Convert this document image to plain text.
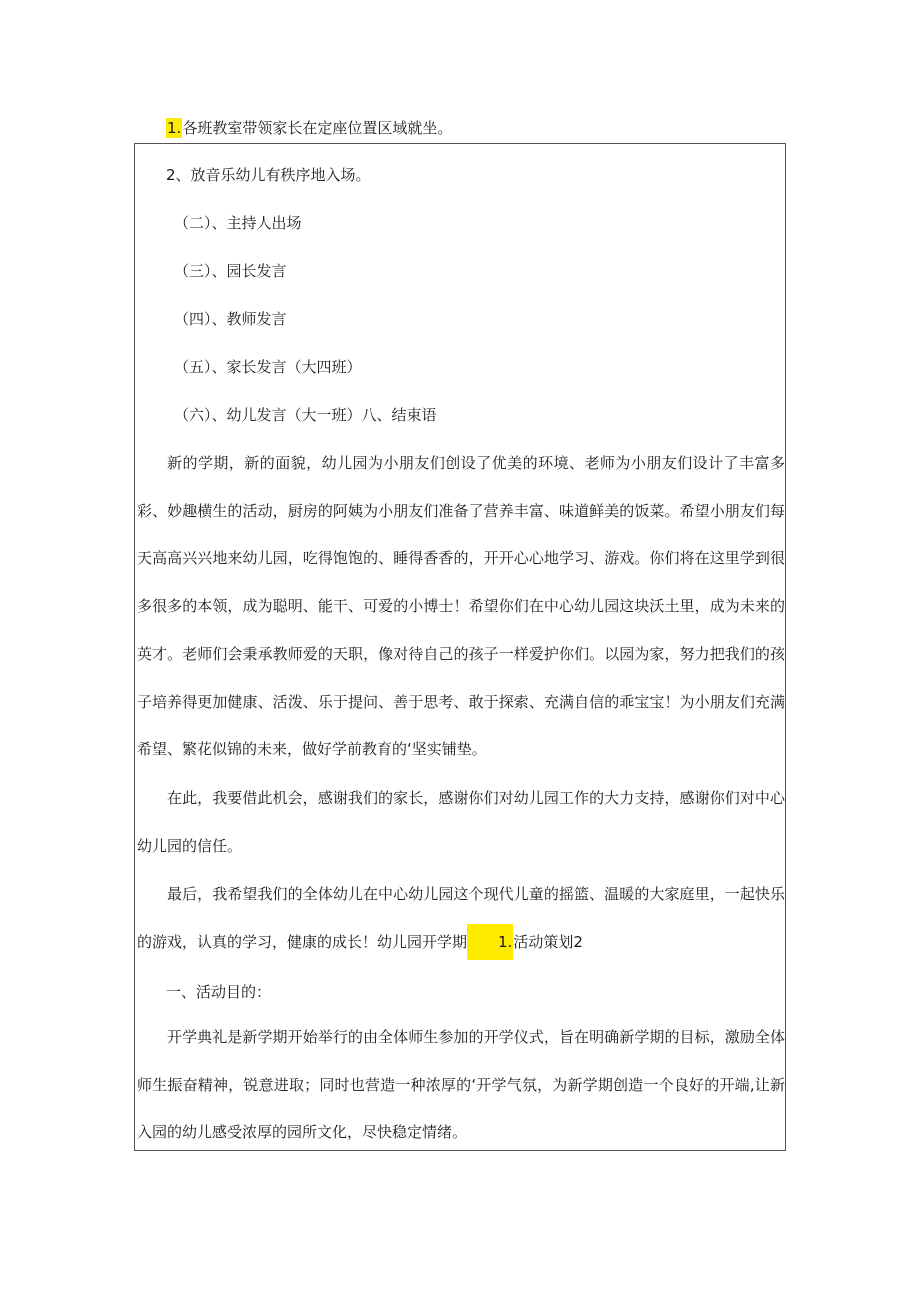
1.各班教室带领家长在定座位置区域就坐。
2、放音乐幼儿有秩序地入场。
（二）、主持人出场
（三）、园长发言
（四）、教师发言
（五）、家长发言（大四班）
（六）、幼儿发言（大一班）八、结束语
新的学期，新的面貌，幼儿园为小朋友们创设了优美的环境、老师为小朋友们设计了丰富多彩、妙趣横生的活动，厨房的阿姨为小朋友们准备了营养丰富、味道鲜美的饭菜。希望小朋友们每天高高兴兴地来幼儿园，吃得饱饱的、睡得香香的，开开心心地学习、游戏。你们将在这里学到很多很多的本领，成为聪明、能干、可爱的小博士！希望你们在中心幼儿园这块沃土里，成为未来的英才。老师们会秉承教师爱的天职，像对待自己的孩子一样爱护你们。以园为家，努力把我们的孩子培养得更加健康、活泼、乐于提问、善于思考、敢于探索、充满自信的乖宝宝！为小朋友们充满希望、繁花似锦的未来，做好学前教育的‘坚实铺垫。
在此，我要借此机会，感谢我们的家长，感谢你们对幼儿园工作的大力支持，感谢你们对中心幼儿园的信任。
最后，我希望我们的全体幼儿在中心幼儿园这个现代儿童的摇篮、温暖的大家庭里，一起快乐的游戏，认真的学习，健康的成长！幼儿园开学期 1.活动策划2
一、活动目的：
开学典礼是新学期开始举行的由全体师生参加的开学仪式，旨在明确新学期的目标，激励全体师生振奋精神，锐意进取；同时也营造一种浓厚的‘开学气氛，为新学期创造一个良好的开端,让新入园的幼儿感受浓厚的园所文化，尽快稳定情绪。
